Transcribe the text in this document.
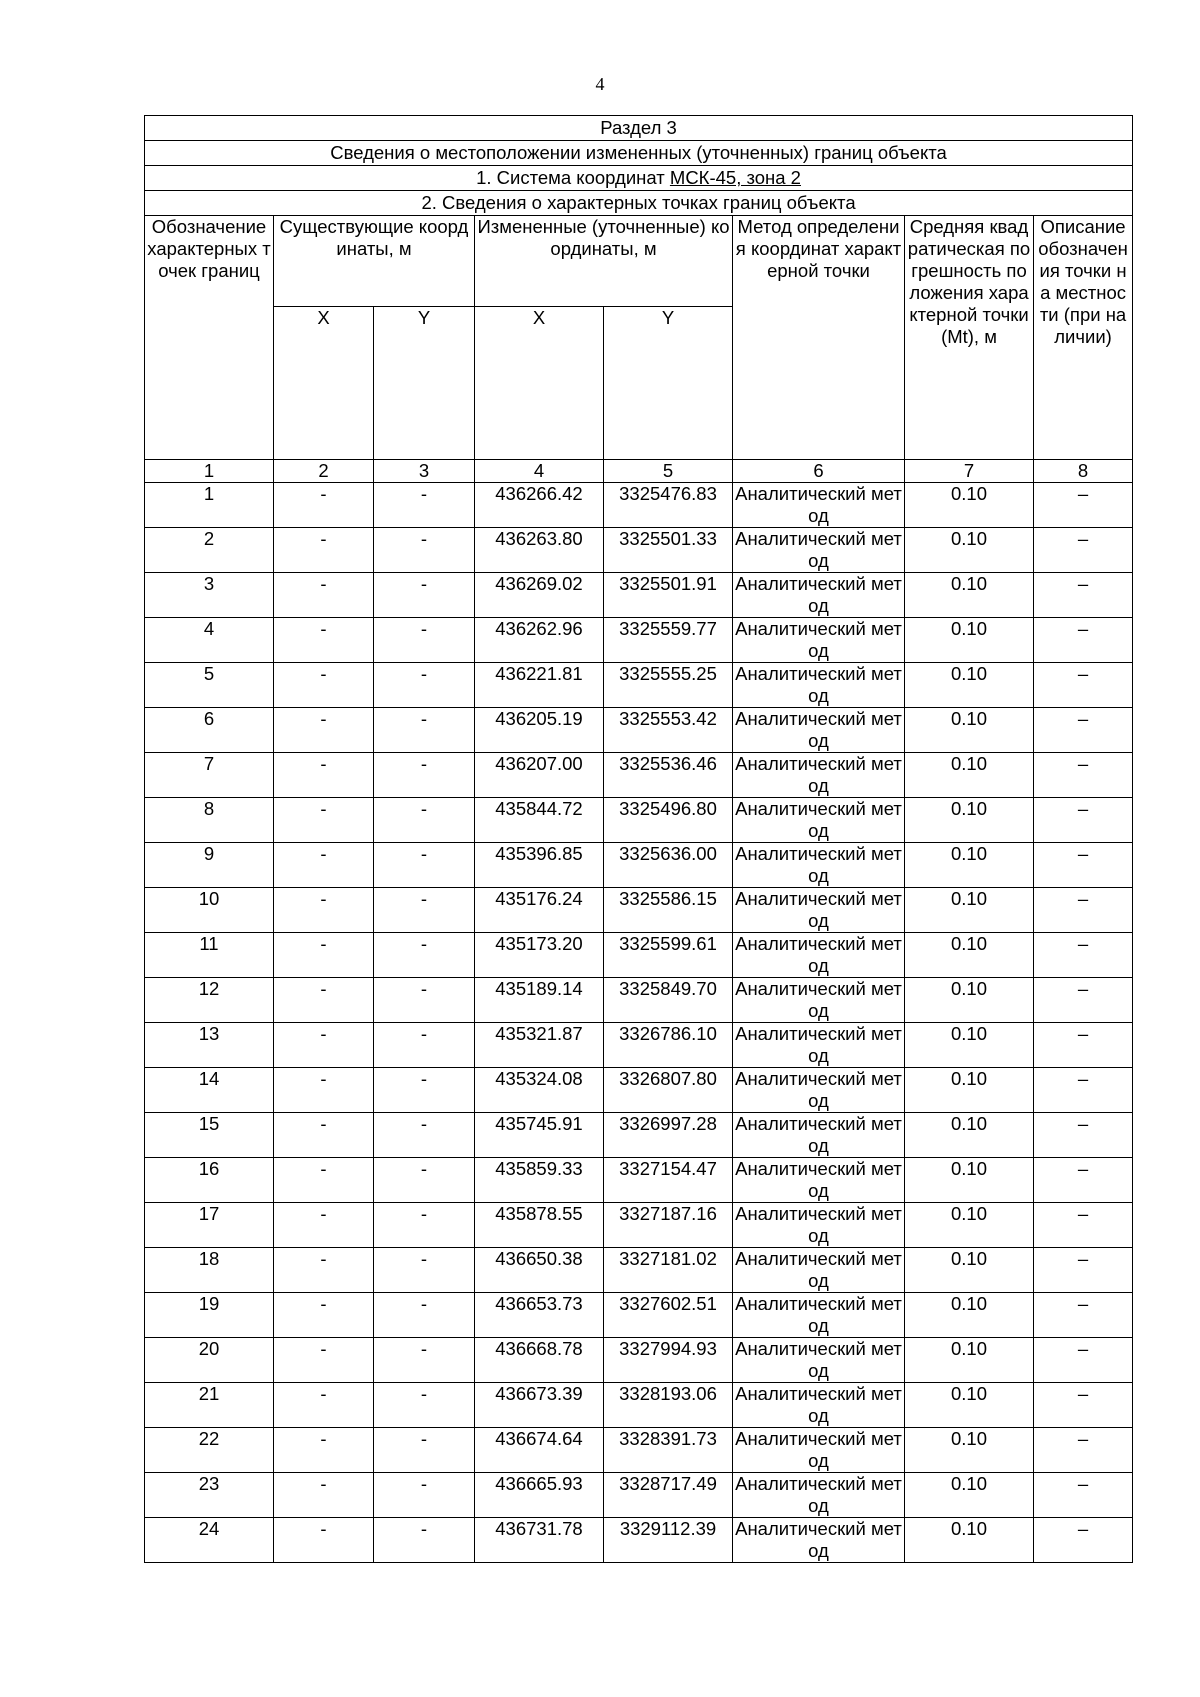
4
Раздел 3							
Сведения о местоположении измененных (уточненных) границ объекта							
1. Система координат МСК-45, зона 2							
2. Сведения о характерных точках границ объекта							
Обозначение характерных точек границ	Существующие координаты, м		Измененные (уточненные) координаты, м		Метод определения координат характерной точки	Средняя квадратическая погрешность положения характерной точки (Mt), м	Описание обозначения точки на местности (при наличии)
	X	Y	X	Y			
1	2	3	4	5	6	7	8
1	-	-	436266.42	3325476.83	Аналитический метод	0.10	–
2	-	-	436263.80	3325501.33	Аналитический метод	0.10	–
3	-	-	436269.02	3325501.91	Аналитический метод	0.10	–
4	-	-	436262.96	3325559.77	Аналитический метод	0.10	–
5	-	-	436221.81	3325555.25	Аналитический метод	0.10	–
6	-	-	436205.19	3325553.42	Аналитический метод	0.10	–
7	-	-	436207.00	3325536.46	Аналитический метод	0.10	–
8	-	-	435844.72	3325496.80	Аналитический метод	0.10	–
9	-	-	435396.85	3325636.00	Аналитический метод	0.10	–
10	-	-	435176.24	3325586.15	Аналитический метод	0.10	–
11	-	-	435173.20	3325599.61	Аналитический метод	0.10	–
12	-	-	435189.14	3325849.70	Аналитический метод	0.10	–
13	-	-	435321.87	3326786.10	Аналитический метод	0.10	–
14	-	-	435324.08	3326807.80	Аналитический метод	0.10	–
15	-	-	435745.91	3326997.28	Аналитический метод	0.10	–
16	-	-	435859.33	3327154.47	Аналитический метод	0.10	–
17	-	-	435878.55	3327187.16	Аналитический метод	0.10	–
18	-	-	436650.38	3327181.02	Аналитический метод	0.10	–
19	-	-	436653.73	3327602.51	Аналитический метод	0.10	–
20	-	-	436668.78	3327994.93	Аналитический метод	0.10	–
21	-	-	436673.39	3328193.06	Аналитический метод	0.10	–
22	-	-	436674.64	3328391.73	Аналитический метод	0.10	–
23	-	-	436665.93	3328717.49	Аналитический метод	0.10	–
24	-	-	436731.78	3329112.39	Аналитический метод	0.10	–
